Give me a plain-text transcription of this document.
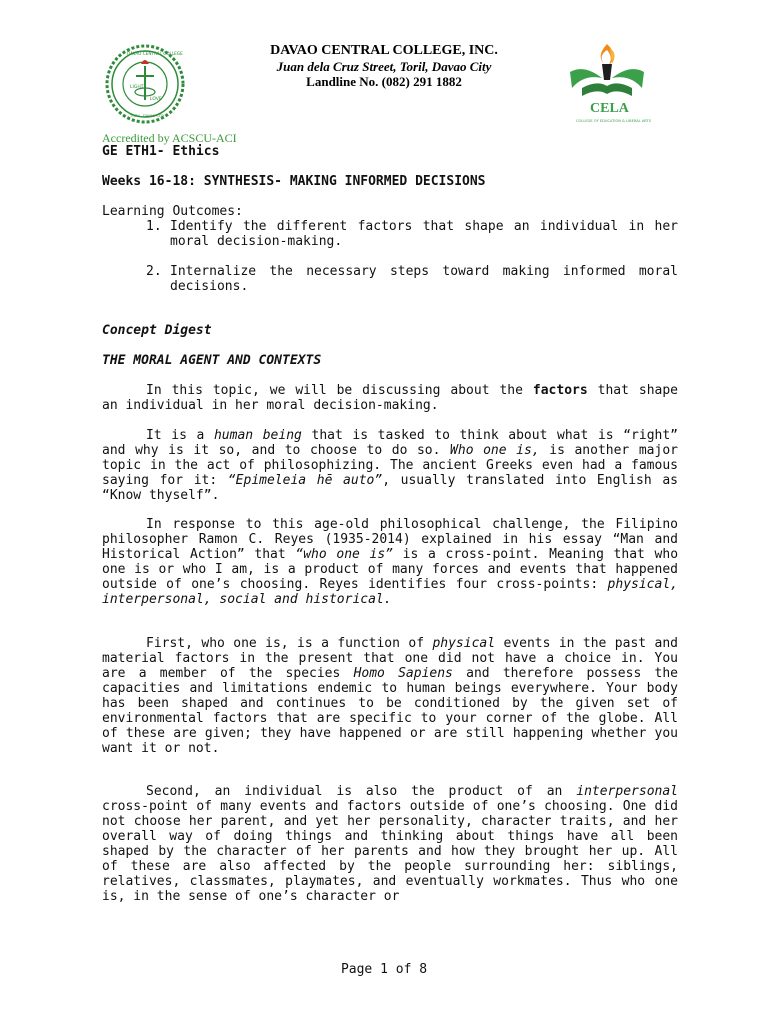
DAVAO CENTRAL COLLEGE, INC.
Juan dela Cruz Street, Toril, Davao City
Landline No. (082) 291 1882
LIGHT
LOVE
DAVAO CENTRAL COLLEGE
TORIL, DAVAO CITY	CELA
COLLEGE OF EDUCATION & LIBERAL ARTS
Accredited by ACSCU-ACI
GE ETH1- Ethics
Weeks 16-18: SYNTHESIS- MAKING INFORMED DECISIONS
Learning Outcomes:
1. Identify the different factors that shape an individual in her moral decision-making.
2. Internalize the necessary steps toward making informed moral decisions.
Concept Digest
THE MORAL AGENT AND CONTEXTS
In this topic, we will be discussing about the factors that shape an individual in her moral decision-making.
It is a human being that is tasked to think about what is “right” and why is it so, and to choose to do so. Who one is, is another major topic in the act of philosophizing. The ancient Greeks even had a famous saying for it: “Epimeleia hē auto”, usually translated into English as “Know thyself”.
In response to this age-old philosophical challenge, the Filipino philosopher Ramon C. Reyes (1935-2014) explained in his essay “Man and Historical Action” that “who one is” is a cross-point. Meaning that who one is or who I am, is a product of many forces and events that happened outside of one’s choosing. Reyes identifies four cross-points: physical, interpersonal, social and historical.
First, who one is, is a function of physical events in the past and material factors in the present that one did not have a choice in. You are a member of the species Homo Sapiens and therefore possess the capacities and limitations endemic to human beings everywhere. Your body has been shaped and continues to be conditioned by the given set of environmental factors that are specific to your corner of the globe. All of these are given; they have happened or are still happening whether you want it or not.
Second, an individual is also the product of an interpersonal cross-point of many events and factors outside of one’s choosing. One did not choose her parent, and yet her personality, character traits, and her overall way of doing things and thinking about things have all been shaped by the character of her parents and how they brought her up. All of these are also affected by the people surrounding her: siblings, relatives, classmates, playmates, and eventually workmates. Thus who one is, in the sense of one’s character or
Page 1 of 8
